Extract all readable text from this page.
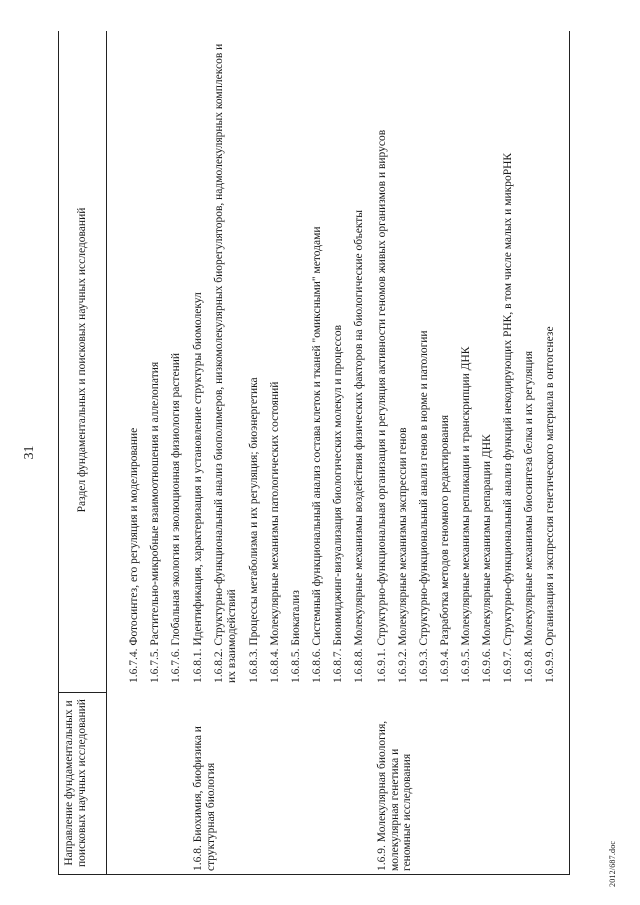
31
Направление фундаментальных и поисковых научных исследований
Раздел фундаментальных и поисковых научных исследований
1.6.7.4. Фотосинтез, его регуляция и моделирование 1.6.7.5. Растительно-микробные взаимоотношения и аллелопатия 1.6.7.6. Глобальная экология и эволюционная физиология растений
1.6.8. Биохимия, биофизика и структурная биология
1.6.8.1. Идентификация, характеризация и установление структуры биомолекул 1.6.8.2. Структурно-функциональный анализ биополимеров, низкомолекулярных биорегуляторов, надмолекулярных комплексов и их взаимодействий 1.6.8.3. Процессы метаболизма и их регуляция; биоэнергетика 1.6.8.4. Молекулярные механизмы патологических состояний 1.6.8.5. Биокатализ 1.6.8.6. Системный функциональный анализ состава клеток и тканей "омиксными" методами 1.6.8.7. Биоимиджинг-визуализация биологических молекул и процессов 1.6.8.8. Молекулярные механизмы воздействия физических факторов на биологические объекты
1.6.9. Молекулярная биология, молекулярная генетика и геномные исследования
1.6.9.1. Структурно-функциональная организация и регуляция активности геномов живых организмов и вирусов 1.6.9.2. Молекулярные механизмы экспрессии генов 1.6.9.3. Структурно-функциональный анализ генов в норме и патологии 1.6.9.4. Разработка методов геномного редактирования 1.6.9.5. Молекулярные механизмы репликации и транскрипции ДНК 1.6.9.6. Молекулярные механизмы репарации ДНК 1.6.9.7. Структурно-функциональный анализ функций некодирующих РНК, в том числе малых и микроРНК 1.6.9.8. Молекулярные механизмы биосинтеза белка и их регуляция 1.6.9.9. Организация и экспрессия генетического материала в онтогенезе
2012/687.doc
